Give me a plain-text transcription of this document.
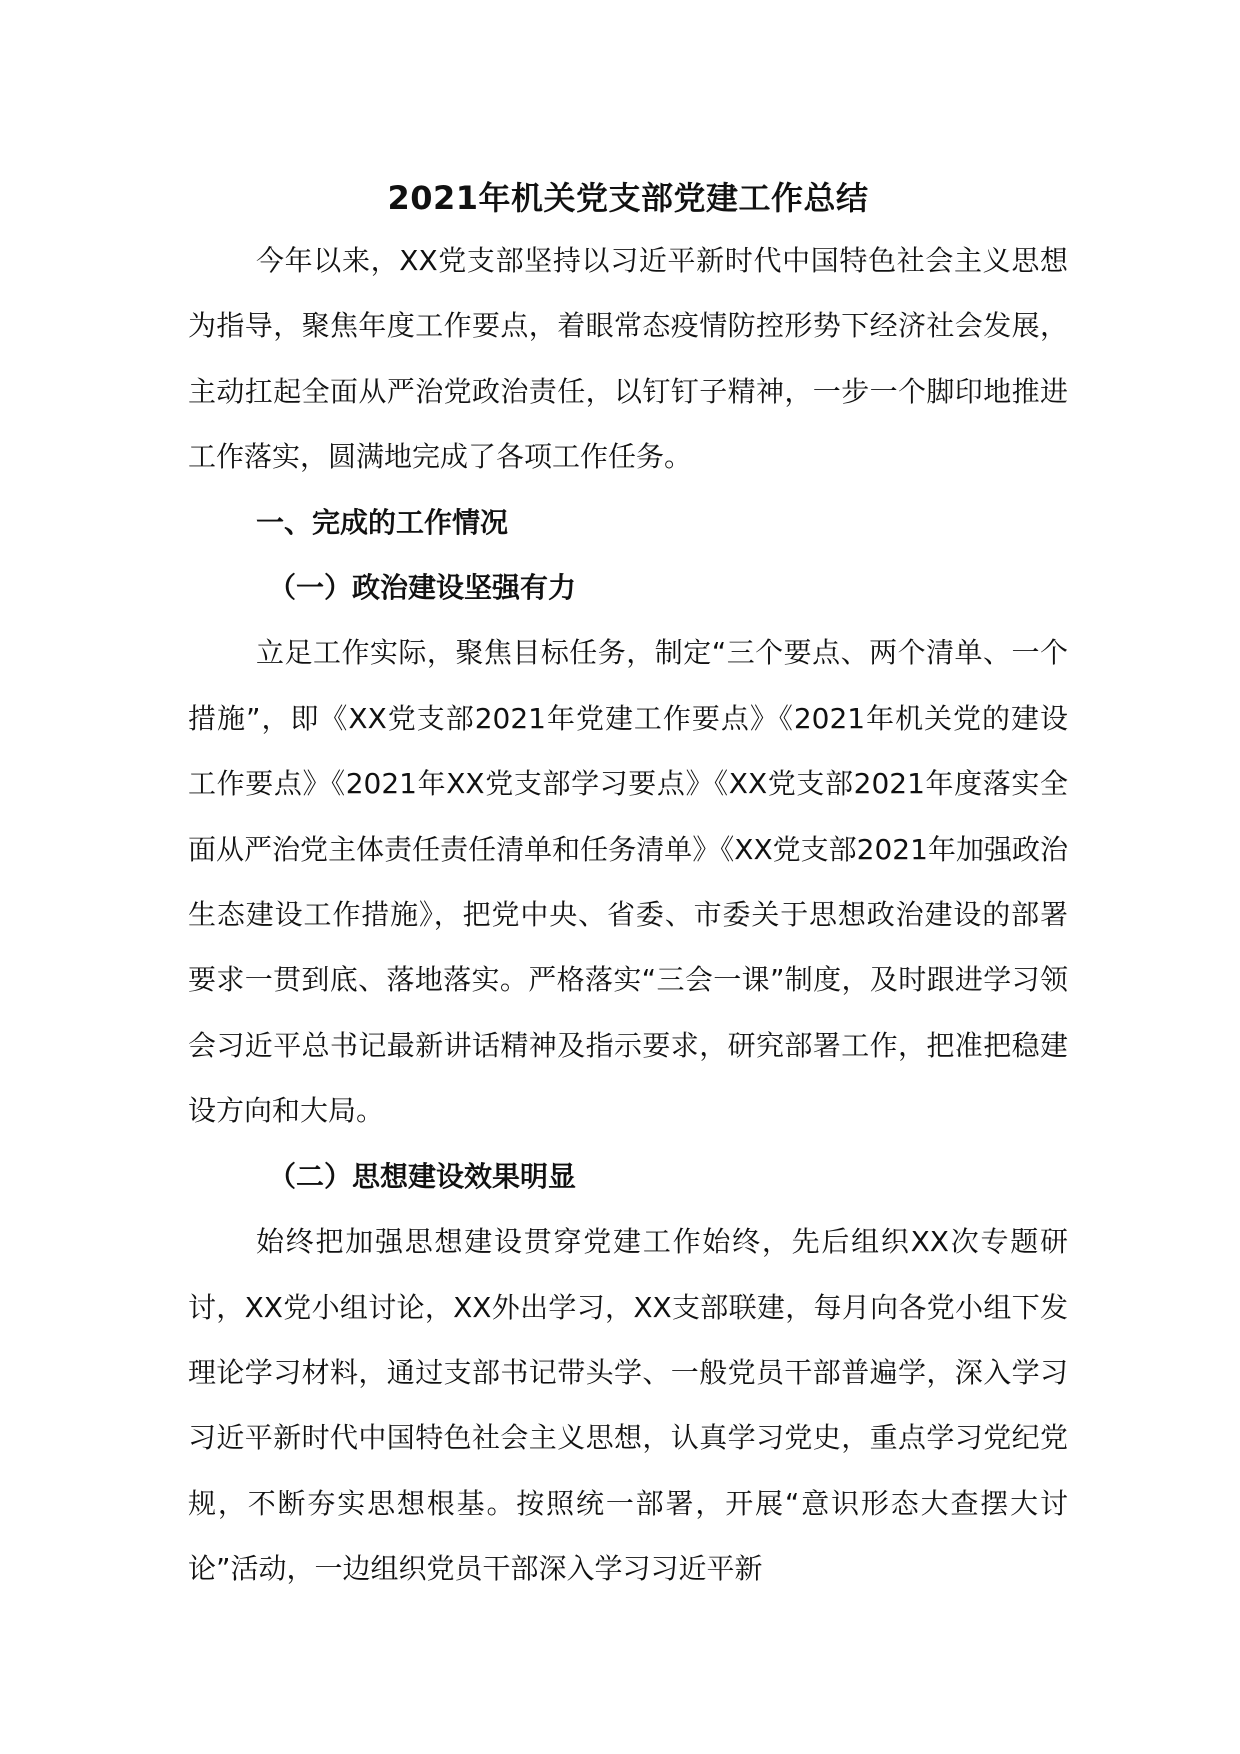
2021年机关党支部党建工作总结

今年以来，XX党支部坚持以习近平新时代中国特色社会主义思想为指导，聚焦年度工作要点，着眼常态疫情防控形势下经济社会发展，主动扛起全面从严治党政治责任，以钉钉子精神，一步一个脚印地推进工作落实，圆满地完成了各项工作任务。

一、完成的工作情况
（一）政治建设坚强有力

立足工作实际，聚焦目标任务，制定“三个要点、两个清单、一个措施”，即《XX党支部2021年党建工作要点》《2021年机关党的建设工作要点》《2021年XX党支部学习要点》《XX党支部2021年度落实全面从严治党主体责任责任清单和任务清单》《XX党支部2021年加强政治生态建设工作措施》，把党中央、省委、市委关于思想政治建设的部署要求一贯到底、落地落实。严格落实“三会一课”制度，及时跟进学习领会习近平总书记最新讲话精神及指示要求，研究部署工作，把准把稳建设方向和大局。

（二）思想建设效果明显

始终把加强思想建设贯穿党建工作始终，先后组织XX次专题研讨，XX党小组讨论，XX外出学习，XX支部联建，每月向各党小组下发理论学习材料，通过支部书记带头学、一般党员干部普遍学，深入学习习近平新时代中国特色社会主义思想，认真学习党史，重点学习党纪党规，不断夯实思想根基。按照统一部署，开展“意识形态大查摆大讨论”活动，一边组织党员干部深入学习习近平新
